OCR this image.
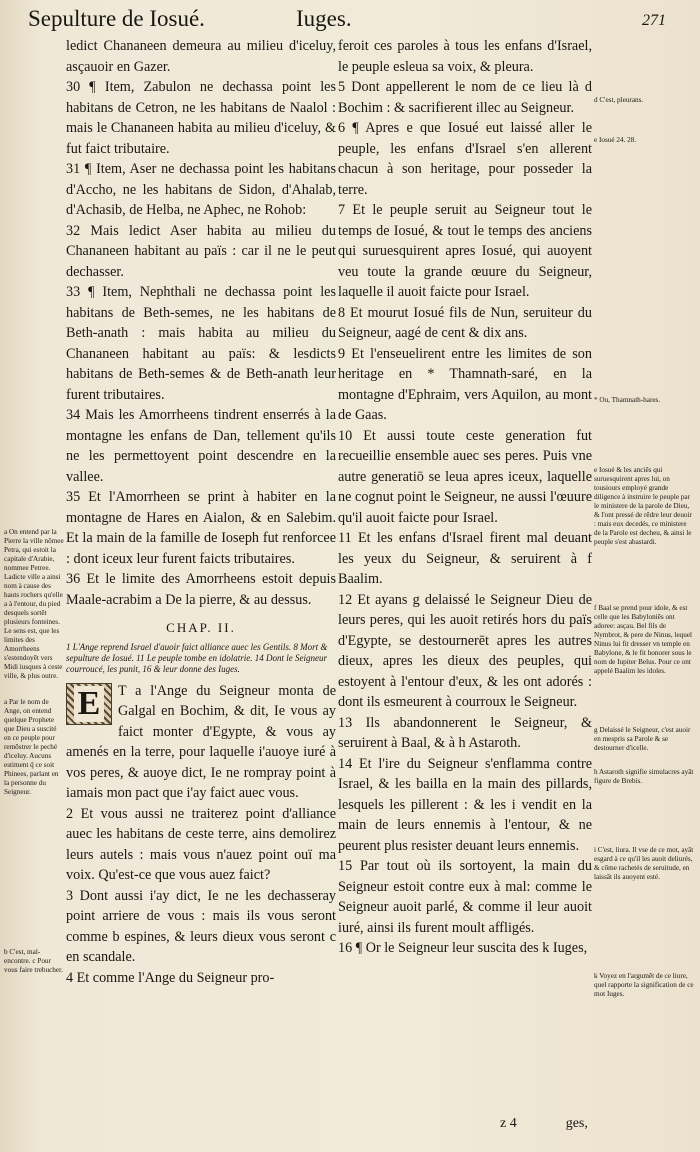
Sepulture de Iosué.	Iuges.	271
a On entend par la Pierre la ville nōmee Petra, qui estoit la capitale d'Arabie, nommee Petree. Ladicte ville a ainsi nom à cause des hauts rochers qu'elle a à l'entour, du pied desquels sortēt plusieurs fonteines. Le sens est, que les limites des Amorrheens s'estendoyēt vers Midi iusques à ceste ville, & plus outre.
a Par le nom de Ange, on entend quelque Prophete que Dieu a suscité en ce peuple pour remōstrer le peché d'iceluy. Aucuns estiment q̃ ce soit Phinees, parlant en la personne du Seigneur.
b C'est, mal-encontre. c Pour vous faire trebucher.

ledict Chananeen demeura au milieu d'iceluy, asçauoir en Gazer.

30 ¶ Item, Zabulon ne dechassa point les habitans de Cetron, ne les habitans de Naalol : mais le Chananeen habita au milieu d'iceluy, & fut faict tributaire.

31 ¶ Item, Aser ne dechassa point les habitans d'Accho, ne les habitans de Sidon, d'Ahalab, d'Achasib, de Helba, ne Aphec, ne Rohob:

32 Mais ledict Aser habita au milieu du Chananeen habitant au païs : car il ne le peut dechasser.

33 ¶ Item, Nephthali ne dechassa point les habitans de Beth-semes, ne les habitans de Beth-anath : mais habita au milieu du Chananeen habitant au païs: & lesdicts habitans de Beth-semes & de Beth-anath leur furent tributaires.

34 Mais les Amorrheens tindrent enserrés à la montagne les enfans de Dan, tellement qu'ils ne les permettoyent point descendre en la vallee.

35 Et l'Amorrheen se print à habiter en la montagne de Hares en Aialon, & en Salebim. Et la main de la famille de Ioseph fut renforcee : dont iceux leur furent faicts tributaires.

36 Et le limite des Amorrheens estoit depuis Maale-acrabim a De la pierre, & au dessus.

CHAP. II.

1 L'Ange reprend Israel d'auoir faict alliance auec les Gentils. 8 Mort & sepulture de Iosué. 11 Le peuple tombe en idolatrie. 14 Dont le Seigneur courroucé, les punit, 16 & leur donne des Iuges.

E T a l'Ange du Seigneur monta de Galgal en Bochim, & dit, Ie vous ay faict monter d'Egypte, & vous ay amenés en la terre, pour laquelle i'auoye iuré à vos peres, & auoye dict, Ie ne rompray point à iamais mon pact que i'ay faict auec vous.

2 Et vous aussi ne traiterez point d'alliance auec les habitans de ceste terre, ains demolirez leurs autels : mais vous n'auez point ouï ma voix. Qu'est-ce que vous auez faict?

3 Dont aussi i'ay dict, Ie ne les dechasseray point arriere de vous : mais ils vous seront comme b espines, & leurs dieux vous seront c en scandale.

4 Et comme l'Ange du Seigneur pro-

feroit ces paroles à tous les enfans d'Israel, le peuple esleua sa voix, & pleura.

5 Dont appellerent le nom de ce lieu là d Bochim : & sacrifierent illec au Seigneur.

6 ¶ Apres e que Iosué eut laissé aller le peuple, les enfans d'Israel s'en allerent chacun à son heritage, pour posseder la terre.

7 Et le peuple seruit au Seigneur tout le temps de Iosué, & tout le temps des anciens qui suruesquirent apres Iosué, qui auoyent veu toute la grande œuure du Seigneur, laquelle il auoit faicte pour Israel.

8 Et mourut Iosué fils de Nun, seruiteur du Seigneur, aagé de cent & dix ans.

9 Et l'enseuelirent entre les limites de son heritage en * Thamnath-saré, en la montagne d'Ephraim, vers Aquilon, au mont de Gaas.

10 Et aussi toute ceste generation fut recueillie ensemble auec ses peres. Puis vne autre generatiō se leua apres iceux, laquelle ne cognut point le Seigneur, ne aussi l'œuure qu'il auoit faicte pour Israel.

11 Et les enfans d'Israel firent mal deuant les yeux du Seigneur, & seruirent à f Baalim.

12 Et ayans g delaissé le Seigneur Dieu de leurs peres, qui les auoit retirés hors du païs d'Egypte, se destournerēt apres les autres dieux, apres les dieux des peuples, qui estoyent à l'entour d'eux, & les ont adorés : dont ils esmeurent à courroux le Seigneur.

13 Ils abandonnerent le Seigneur, & seruirent à Baal, & à h Astaroth.

14 Et l'ire du Seigneur s'enflamma contre Israel, & les bailla en la main des pillards, lesquels les pillerent : & les i vendit en la main de leurs ennemis à l'entour, & ne peurent plus resister deuant leurs ennemis.

15 Par tout où ils sortoyent, la main du Seigneur estoit contre eux à mal: comme le Seigneur auoit parlé, & comme il leur auoit iuré, ainsi ils furent moult affligés.

16 ¶ Or le Seigneur leur suscita des k Iuges,

d C'est, pleurans.
e Iosué 24. 28.
* Ou, Thamnath-hares.
e Iosué & les anciēs qui suruesquirent apres lui, on tousiours employé grande diligence à instruire le peuple par le ministere de la parole de Dieu, & l'ont pressé de rēdre leur deuoir : mais eux decedés, ce ministere de la Parole est decheu, & ainsi le peuple s'est abastardi.
f Baal se prend pour idole, & est celle que les Babyloniēs ont adoree: asçau. Bel fils de Nymbrot, & pere de Ninus, lequel Ninus lui fit dresser vn temple en Babylone, & le fit honorer sous le nom de Iupiter Belus. Pour ce ont appelé Baalim les idoles.
g Delaissé le Seigneur, c'est auoir en mespris sa Parole & se destourner d'icelle.
h Astaroth signifie simulacres ayāt figure de Brebis.
i C'est, liura. Il vse de ce mot, ayāt esgard à ce qu'il les auoit deliurés, & cōme rachetés de seruitude, en laissāt ils auoyent esté.
k Voyez en l'argumēt de ce liure, quel rapporte la signification de ce mot Iuges.
z 4	ges,
